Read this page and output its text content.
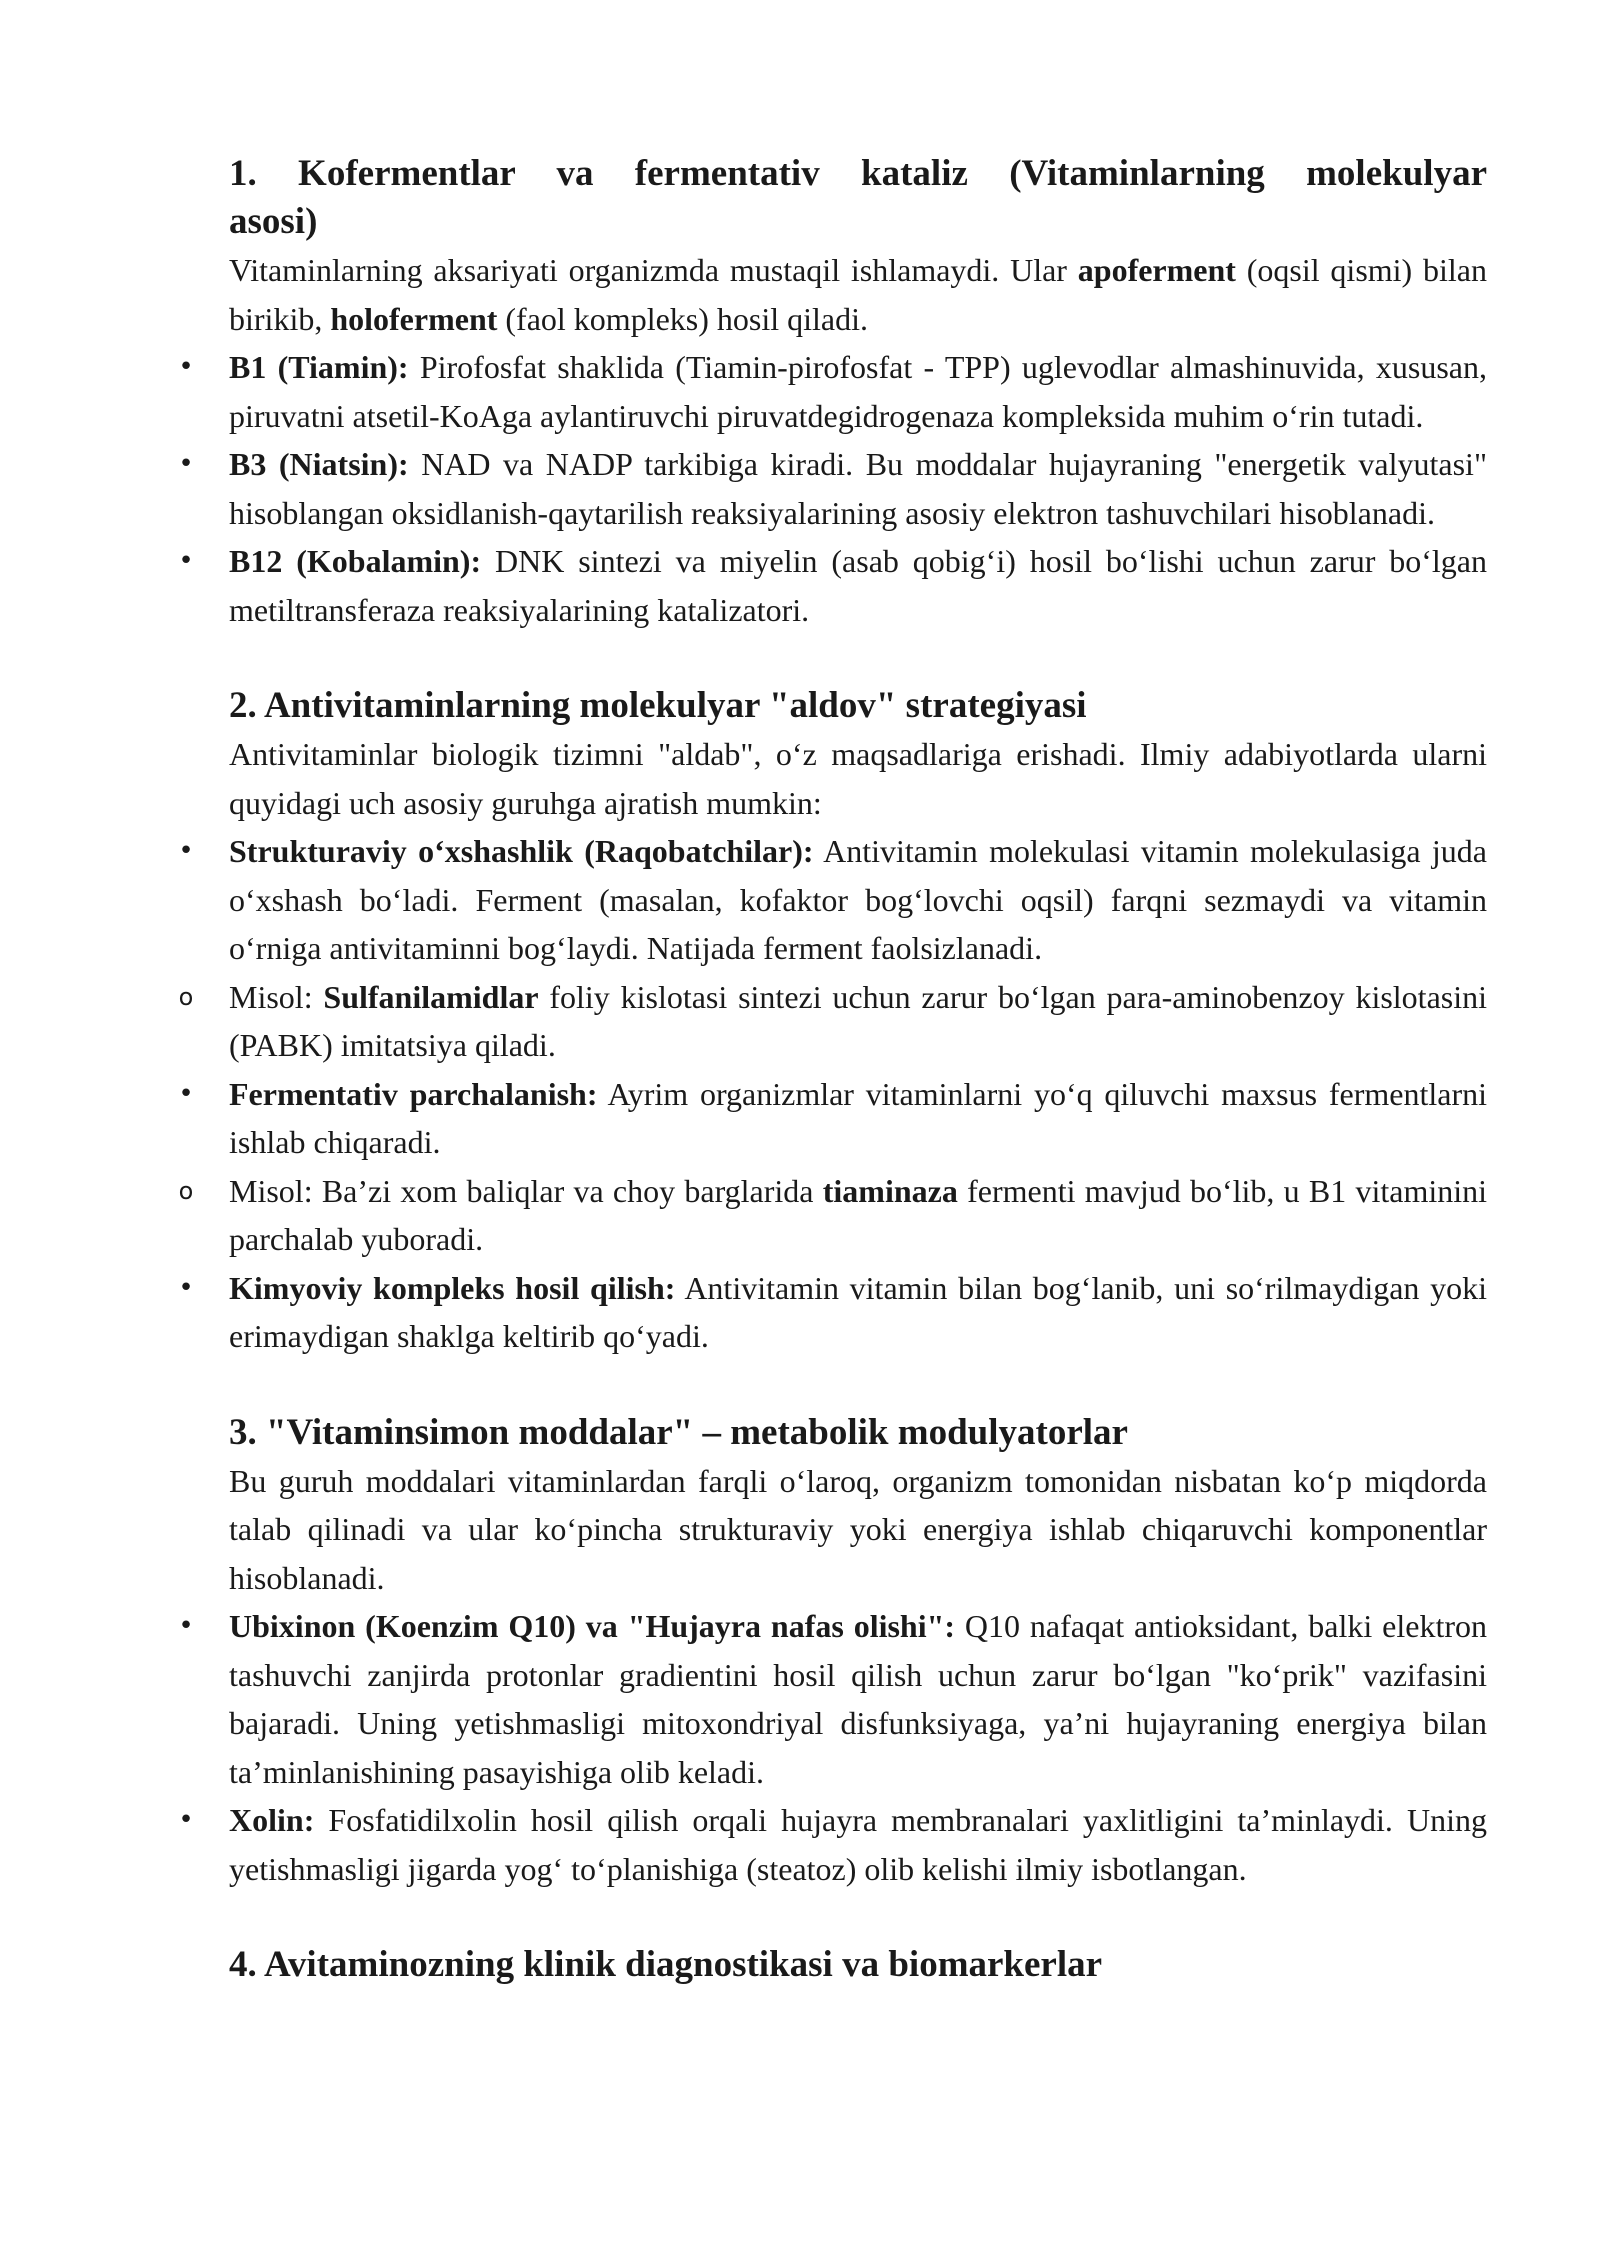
1. Kofermentlar va fermentativ kataliz (Vitaminlarning molekulyar asosi)

Vitaminlarning aksariyati organizmda mustaqil ishlamaydi. Ular apoferment (oqsil qismi) bilan birikib, holoferment (faol kompleks) hosil qiladi.

• B1 (Tiamin): Pirofosfat shaklida (Tiamin-pirofosfat - TPP) uglevodlar almashinuvida, xususan, piruvatni atsetil-KoAga aylantiruvchi piruvatdegidrogenaza kompleksida muhim o‘rin tutadi.
• B3 (Niatsin): NAD va NADP tarkibiga kiradi. Bu moddalar hujayraning "energetik valyutasi" hisoblangan oksidlanish-qaytarilish reaksiyalarining asosiy elektron tashuvchilari hisoblanadi.
• B12 (Kobalamin): DNK sintezi va miyelin (asab qobig‘i) hosil bo‘lishi uchun zarur bo‘lgan metiltransferaza reaksiyalarining katalizatori.
2. Antivitaminlarning molekulyar "aldov" strategiyasi

Antivitaminlar biologik tizimni "aldab", o‘z maqsadlariga erishadi. Ilmiy adabiyotlarda ularni quyidagi uch asosiy guruhga ajratish mumkin:

• Strukturaviy o‘xshashlik (Raqobatchilar): Antivitamin molekulasi vitamin molekulasiga juda o‘xshash bo‘ladi. Ferment (masalan, kofaktor bog‘lovchi oqsil) farqni sezmaydi va vitamin o‘rniga antivitaminni bog‘laydi. Natijada ferment faolsizlanadi.
o Misol: Sulfanilamidlar foliy kislotasi sintezi uchun zarur bo‘lgan para-aminobenzoy kislotasini (PABK) imitatsiya qiladi.
• Fermentativ parchalanish: Ayrim organizmlar vitaminlarni yo‘q qiluvchi maxsus fermentlarni ishlab chiqaradi.
o Misol: Ba’zi xom baliqlar va choy barglarida tiaminaza fermenti mavjud bo‘lib, u B1 vitaminini parchalab yuboradi.
• Kimyoviy kompleks hosil qilish: Antivitamin vitamin bilan bog‘lanib, uni so‘rilmaydigan yoki erimaydigan shaklga keltirib qo‘yadi.
3. "Vitaminsimon moddalar" – metabolik modulyatorlar

Bu guruh moddalari vitaminlardan farqli o‘laroq, organizm tomonidan nisbatan ko‘p miqdorda talab qilinadi va ular ko‘pincha strukturaviy yoki energiya ishlab chiqaruvchi komponentlar hisoblanadi.

• Ubixinon (Koenzim Q10) va "Hujayra nafas olishi": Q10 nafaqat antioksidant, balki elektron tashuvchi zanjirda protonlar gradientini hosil qilish uchun zarur bo‘lgan "ko‘prik" vazifasini bajaradi. Uning yetishmasligi mitoxondriyal disfunksiyaga, ya’ni hujayraning energiya bilan ta’minlanishining pasayishiga olib keladi.
• Xolin: Fosfatidilxolin hosil qilish orqali hujayra membranalari yaxlitligini ta’minlaydi. Uning yetishmasligi jigarda yog‘ to‘planishiga (steatoz) olib kelishi ilmiy isbotlangan.
4. Avitaminozning klinik diagnostikasi va biomarkerlar
